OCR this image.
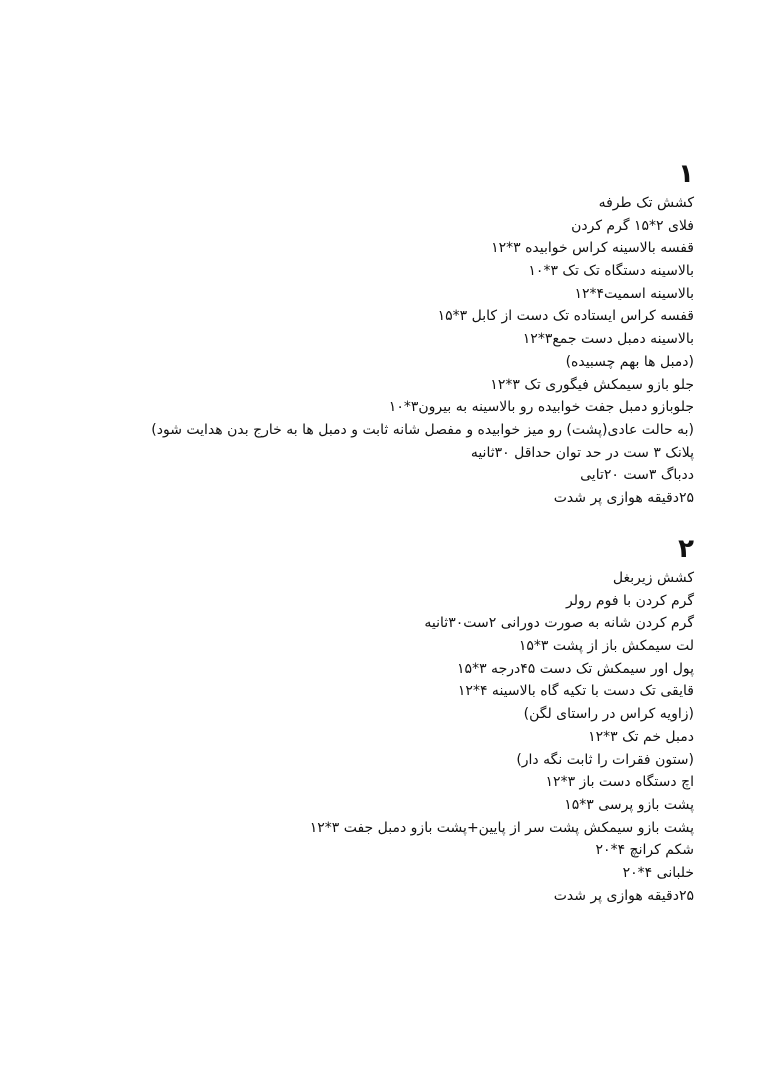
١
کشش تک طرفه
فلای ۲*۱۵ گرم کردن
قفسه بالاسینه کراس خوابیده ۳*۱۲
بالاسینه دستگاه تک تک ۳*۱۰
بالاسینه اسمیت۴*۱۲
قفسه کراس ایستاده تک دست از کابل ۳*۱۵
بالاسینه دمبل دست جمع۳*۱۲
(دمبل ها بهم چسبیده)
جلو بازو سیمکش فیگوری تک ۳*۱۲
جلوبازو دمبل جفت خوابیده رو بالاسینه به بیرون۳*۱۰
(به حالت عادی(پشت) رو میز خوابیده و مفصل شانه ثابت و دمبل ها به خارج بدن هدایت شود)
پلانک ۳ ست در حد توان حداقل ۳۰ثانیه
ددباگ ۳ست ۲۰تایی
۲۵دقیقه هوازی پر شدت
٢
کشش زیربغل
گرم کردن با فوم رولر
گرم کردن شانه به صورت دورانی ۲ست۳۰ثانیه
لت سیمکش باز از پشت ۳*۱۵
پول اور سیمکش تک دست ۴۵درجه ۳*۱۵
قایقی تک دست با تکیه گاه بالاسینه ۴*۱۲
(زاویه کراس در راستای لگن)
دمبل خم تک ۳*۱۲
(ستون فقرات را ثابت نگه دار)
اچ دستگاه دست باز ۳*۱۲
پشت بازو پرسی ۳*۱۵
پشت بازو سیمکش پشت سر از پایین+پشت بازو دمبل جفت ۳*۱۲
شکم کرانچ ۴*۲۰
خلبانی ۴*۲۰
۲۵دقیقه هوازی پر شدت
